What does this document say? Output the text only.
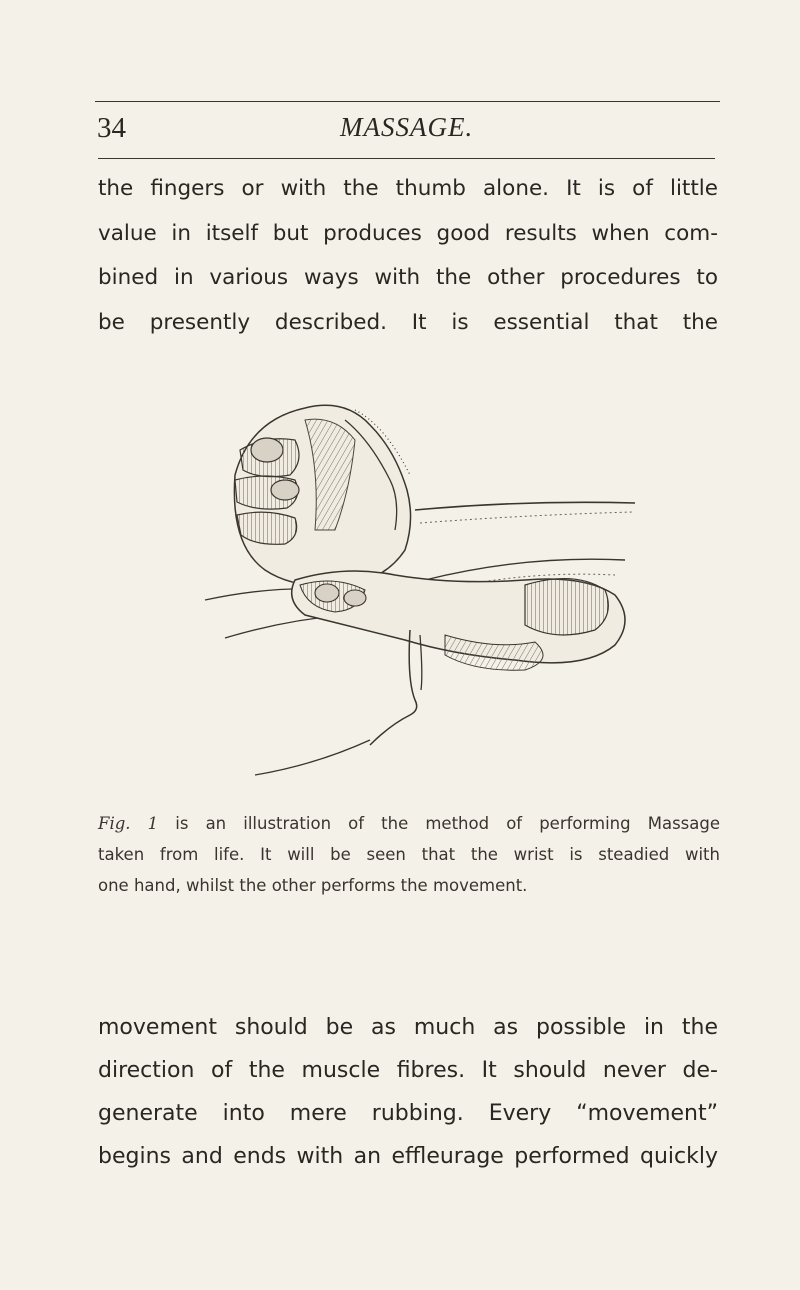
34	MASSAGE.

the fingers or with the thumb alone. It is of little
value in itself but produces good results when com-
bined in various ways with the other procedures to
be presently described. It is essential that the

Fig. 1 is an illustration of the method of performing Massage
taken from life. It will be seen that the wrist is steadied with
one hand, whilst the other performs the movement.

movement should be as much as possible in the
direction of the muscle fibres. It should never de-
generate into mere rubbing. Every “movement”
begins and ends with an effleurage performed quickly
